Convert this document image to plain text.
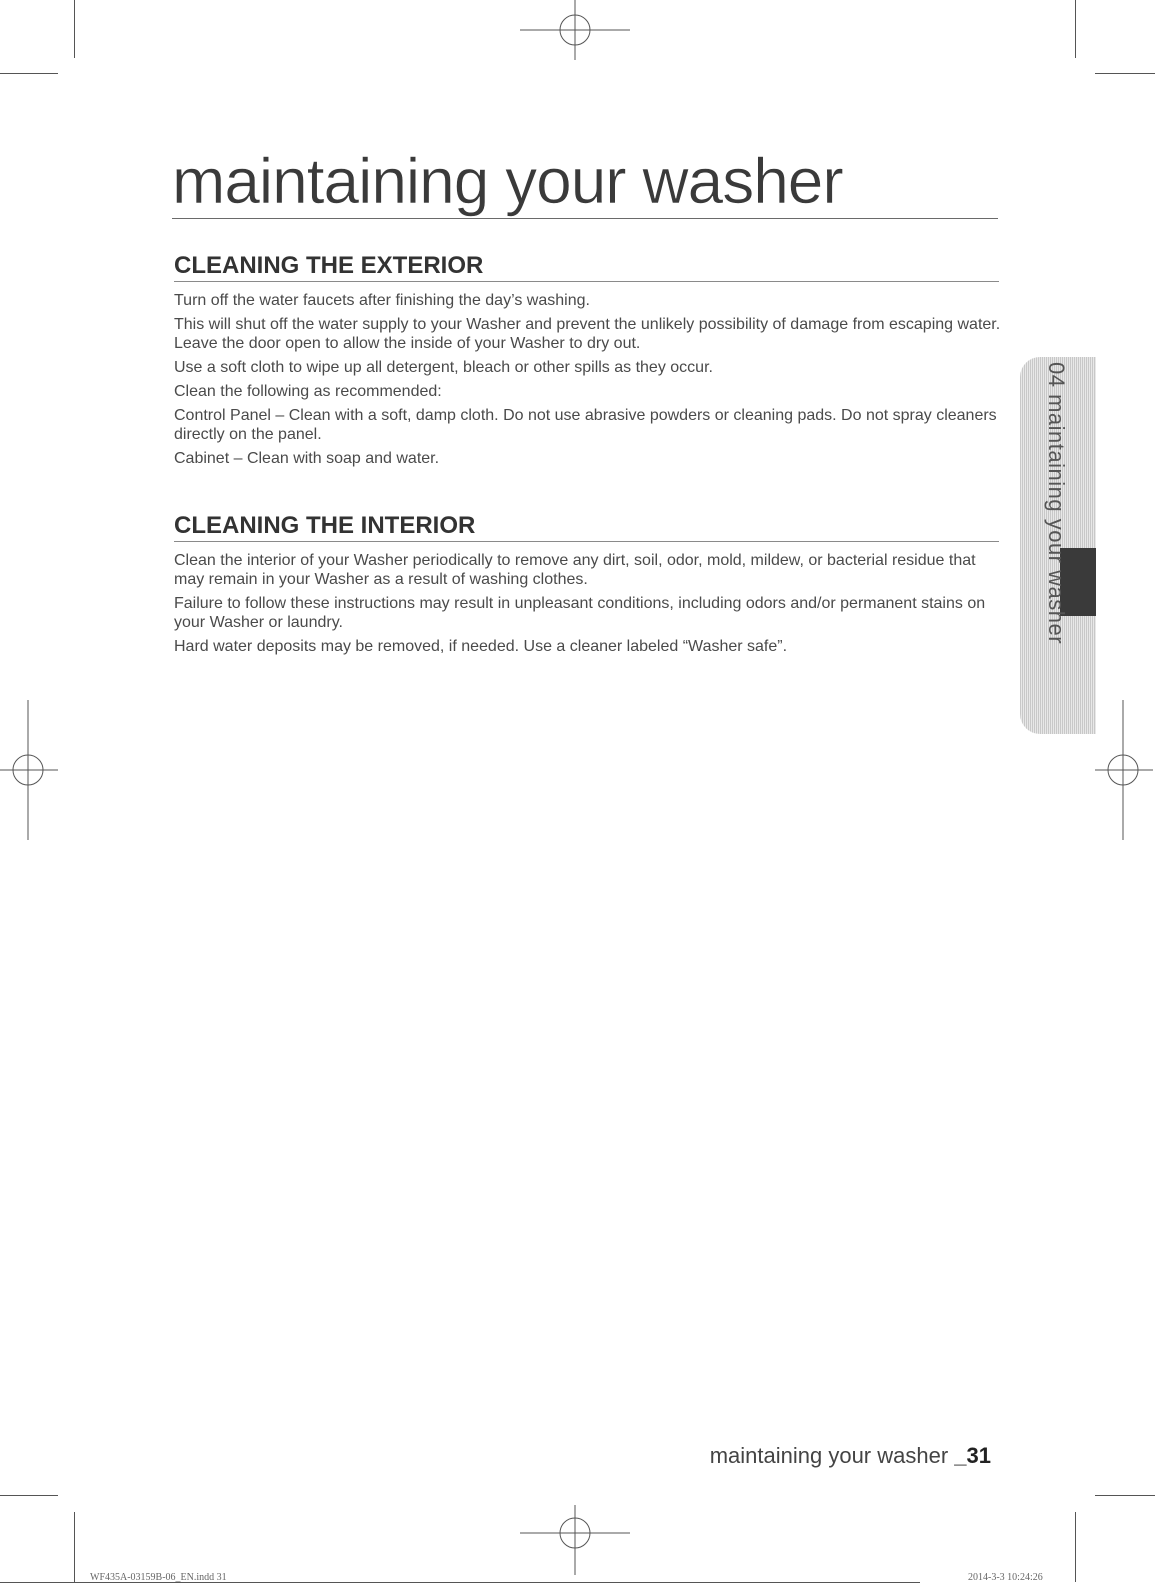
maintaining your washer
CLEANING THE EXTERIOR

Turn off the water faucets after finishing the day’s washing.

This will shut off the water supply to your Washer and prevent the unlikely possibility of damage from escaping water. Leave the door open to allow the inside of your Washer to dry out.

Use a soft cloth to wipe up all detergent, bleach or other spills as they occur.

Clean the following as recommended:

Control Panel – Clean with a soft, damp cloth. Do not use abrasive powders or cleaning pads. Do not spray cleaners directly on the panel.

Cabinet – Clean with soap and water.

CLEANING THE INTERIOR

Clean the interior of your Washer periodically to remove any dirt, soil, odor, mold, mildew, or bacterial residue that may remain in your Washer as a result of washing clothes.

Failure to follow these instructions may result in unpleasant conditions, including odors and/or permanent stains on your Washer or laundry.

Hard water deposits may be removed, if needed. Use a cleaner labeled “Washer safe”.

04 maintaining your washer
maintaining your washer _31
WF435A-03159B-06_EN.indd 31	2014-3-3 10:24:26
